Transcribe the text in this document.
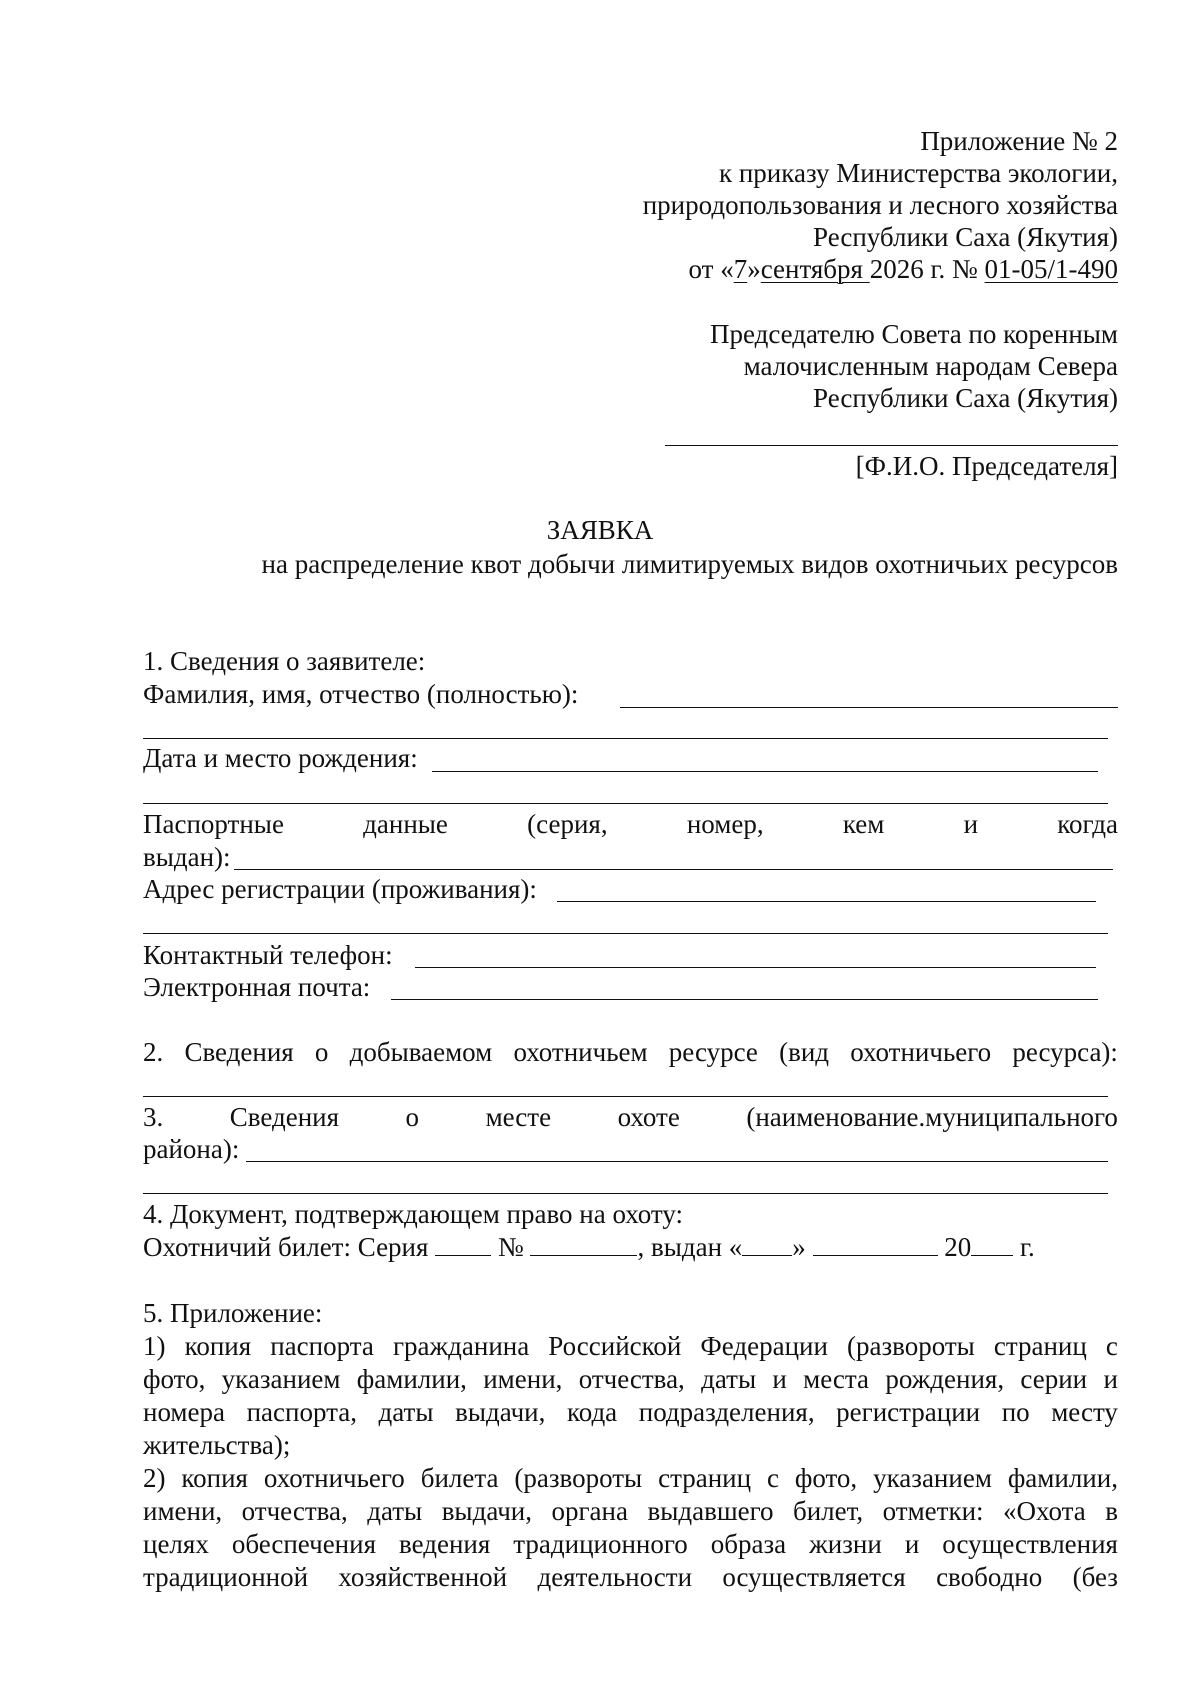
Приложение № 2
к приказу Министерства экологии,
природопользования и лесного хозяйства
Республики Саха (Якутия)
от «7»сентября 2026 г. № 01-05/1-490
Председателю Совета по коренным
малочисленным народам Севера
Республики Саха (Якутия)
[Ф.И.О. Председателя]
ЗАЯВКА
на распределение квот добычи лимитируемых видов охотничьих ресурсов
1. Сведения о заявителе:
Фамилия, имя, отчество (полностью):
Дата и место рождения:
Паспортные	данные	(серия,	номер,	кем	и	когда
выдан):
Адрес регистрации (проживания):
Контактный телефон:
Электронная почта:
2. Сведения о добываемом охотничьем ресурсе (вид охотничьего ресурса):
3. Сведения о месте охоте (наименование.муниципального
района):
4. Документ, подтверждающем право на охоту:
Охотничий билет: Серия	№	, выдан « »	20 г.
5. Приложение:
1) копия паспорта гражданина Российской Федерации (развороты страниц с
фото, указанием фамилии, имени, отчества, даты и места рождения, серии и
номера паспорта, даты выдачи, кода подразделения, регистрации по месту
жительства);
2) копия охотничьего билета (развороты страниц с фото, указанием фамилии,
имени, отчества, даты выдачи, органа выдавшего билет, отметки: «Охота в
целях обеспечения ведения традиционного образа жизни и осуществления
традиционной хозяйственной деятельности осуществляется свободно (без
